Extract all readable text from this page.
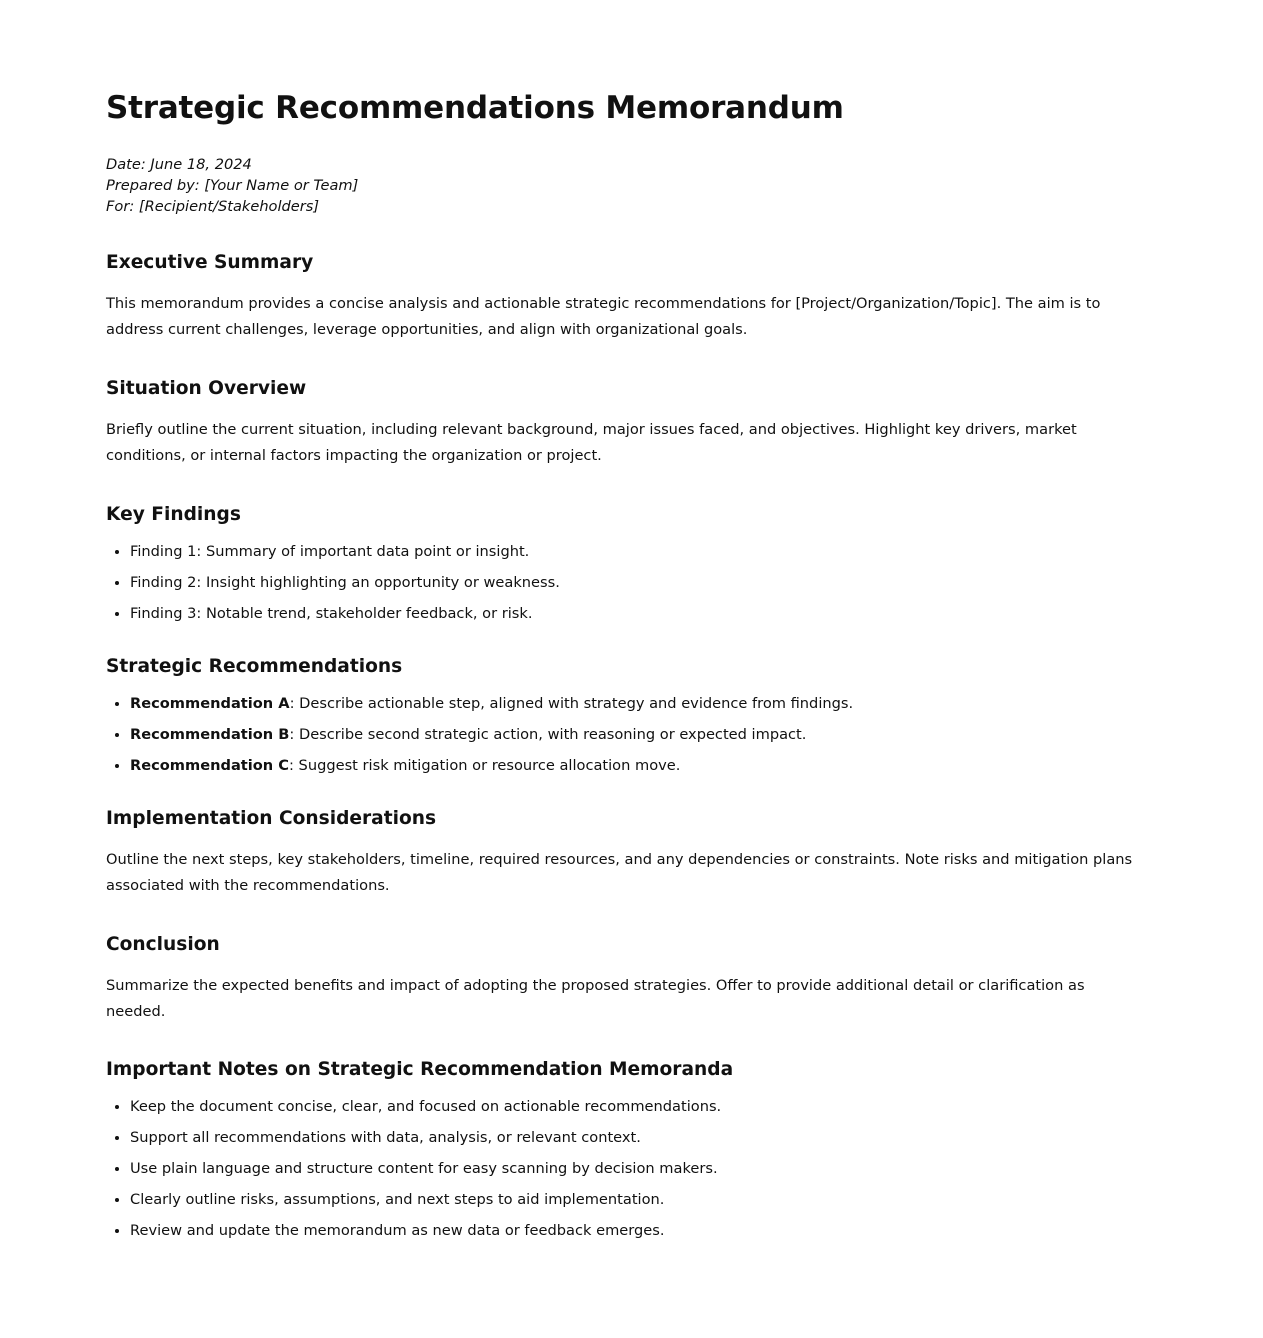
Strategic Recommendations Memorandum
Date: June 18, 2024
Prepared by: [Your Name or Team]
For: [Recipient/Stakeholders]
Executive Summary

This memorandum provides a concise analysis and actionable strategic recommendations for [Project/Organization/Topic]. The aim is to address current challenges, leverage opportunities, and align with organizational goals.

Situation Overview

Briefly outline the current situation, including relevant background, major issues faced, and objectives. Highlight key drivers, market conditions, or internal factors impacting the organization or project.

Key Findings
• Finding 1: Summary of important data point or insight.
• Finding 2: Insight highlighting an opportunity or weakness.
• Finding 3: Notable trend, stakeholder feedback, or risk.
Strategic Recommendations
• Recommendation A: Describe actionable step, aligned with strategy and evidence from findings.
• Recommendation B: Describe second strategic action, with reasoning or expected impact.
• Recommendation C: Suggest risk mitigation or resource allocation move.
Implementation Considerations

Outline the next steps, key stakeholders, timeline, required resources, and any dependencies or constraints. Note risks and mitigation plans associated with the recommendations.

Conclusion

Summarize the expected benefits and impact of adopting the proposed strategies. Offer to provide additional detail or clarification as needed.

Important Notes on Strategic Recommendation Memoranda
• Keep the document concise, clear, and focused on actionable recommendations.
• Support all recommendations with data, analysis, or relevant context.
• Use plain language and structure content for easy scanning by decision makers.
• Clearly outline risks, assumptions, and next steps to aid implementation.
• Review and update the memorandum as new data or feedback emerges.
